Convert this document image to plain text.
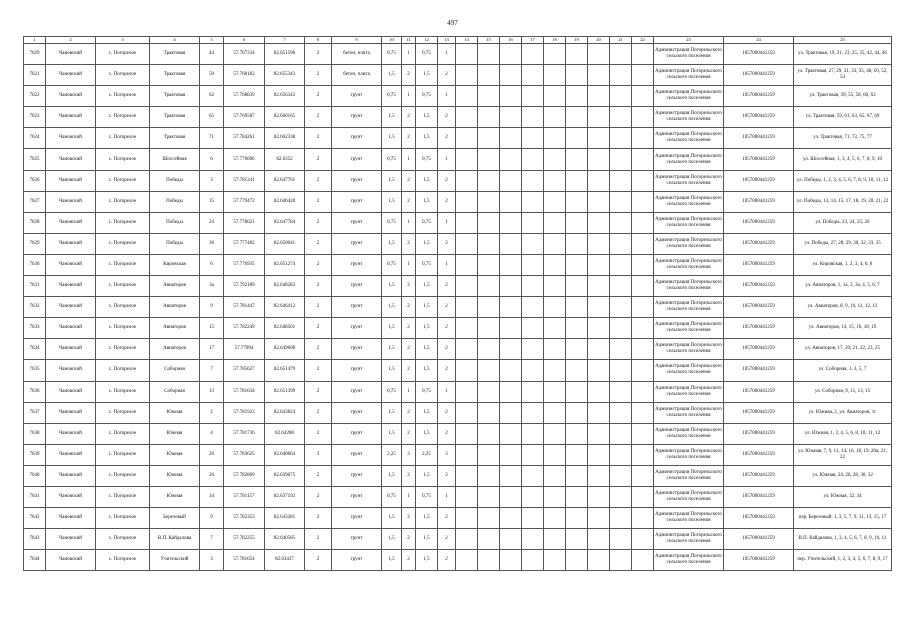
497
1	2	3	4	5	6	7	8	9	10	11	12	13	14	15	16	17	18	19	20	21	22	23	24	25
7629	Чановский	с. Погорелое	Трактовая	44	57.767334	82.651596	2	бетон, плита	0,75	1	0,75	1										Администрация Погорельского сельского поселения	1057000441259	ул. Трактовая, 19, 21, 23, 25, 35, 42, 44, 46
7621	Чановский	с. Погорелое	Трактовая	50	57.768182	82.655343	2	бетон, плита	1,5	2	1,5	2										Администрация Погорельского сельского поселения	1057000441259	ул. Трактовая, 27, 29, 31, 33, 35, 48, 50, 52, 54
7622	Чановский	с. Погорелое	Трактовая	62	57.768839	82.656343	2	грунт	0,75	1	0,75	1										Администрация Погорельского сельского поселения	1057000441259	ул. Трактовая, 39, 55, 58, 60, 62
7623	Чановский	с. Погорелое	Трактовая	65	57.769587	82.660165	2	грунт	1,5	2	1,5	2										Администрация Погорельского сельского поселения	1057000441259	ул. Трактовая, 59, 61, 63, 65, 67, 69
7624	Чановский	с. Погорелое	Трактовая	71	57.784261	82.662338	2	грунт	1,5	2	1,5	2										Администрация Погорельского сельского поселения	1057000441259	ул. Трактовая, 71, 73, 75, 77
7625	Чановский	с. Погорелое	Шоссейная	6	57.776696	82.6352	2	грунт	0,75	1	0,75	1										Администрация Погорельского сельского поселения	1057000441259	ул. Шоссейная, 1, 3, 4, 5, 6, 7, 8, 9, 10
7626	Чановский	с. Погорелое	Победы	3	57.781341	82.647761	2	грунт	1,5	2	1,5	2										Администрация Погорельского сельского поселения	1057000441259	ул. Победы, 1, 2, 3, 4, 5, 6, 7, 8, 9, 10, 11, 12
7627	Чановский	с. Погорелое	Победы	15	57.779472	82.646428	2	грунт	1,5	2	1,5	2										Администрация Погорельского сельского поселения	1057000441259	ул. Победы, 13, 14, 15, 17, 18, 19, 20, 21, 22
7628	Чановский	с. Погорелое	Победы	24	57.778621	82.647784	2	грунт	0,75	1	0,75	1										Администрация Погорельского сельского поселения	1057000441259	ул. Победы, 23, 24, 25, 26
7629	Чановский	с. Погорелое	Победы	30	57.777482	82.650041	2	грунт	1,5	2	1,5	2										Администрация Погорельского сельского поселения	1057000441259	ул. Победы, 27, 28, 29, 30, 32, 33, 35
7630	Чановский	с. Погорелое	Кировская	6	57.776935	82.651274	2	грунт	0,75	1	0,75	1										Администрация Погорельского сельского поселения	1057000441259	ул. Кировская, 1, 2, 3, 4, 6, 8
7631	Чановский	с. Погорелое	Авиаторов	3а	57.792189	82.648283	2	грунт	1,5	2	1,5	2										Администрация Погорельского сельского поселения	1057000441259	ул. Авиаторов, 1, 1а, 3, 3а, 4, 5, 6, 7
7632	Чановский	с. Погорелое	Авиаторов	9	57.781447	82.646412	2	грунт	1,5	2	1,5	2										Администрация Погорельского сельского поселения	1057000441259	ул. Авиаторов, 8, 9, 10, 11, 12, 13
7633	Чановский	с. Погорелое	Авиаторов	15	57.782249	82.648501	2	грунт	1,5	2	1,5	2										Администрация Погорельского сельского поселения	1057000441259	ул. Авиаторов, 14, 15, 16, 18, 19
7634	Чановский	с. Погорелое	Авиаторов	17	57.77994	82.649608	2	грунт	1,5	2	1,5	2										Администрация Погорельского сельского поселения	1057000441259	ул. Авиаторов, 17, 20, 21, 22, 23, 25
7635	Чановский	с. Погорелое	Соборная	7	57.785627	82.651479	2	грунт	1,5	2	1,5	2										Администрация Погорельского сельского поселения	1057000441259	ул. Соборная, 1, 3, 5, 7
7636	Чановский	с. Погорелое	Соборная	13	57.781634	82.651399	2	грунт	0,75	1	0,75	1										Администрация Погорельского сельского поселения	1057000441259	ул. Соборная, 9, 11, 13, 15
7637	Чановский	с. Погорелое	Южная	2	57.781923	82.643824	2	грунт	1,5	2	1,5	2										Администрация Погорельского сельского поселения	1057000441259	ул. Южная, 2, ул. Авиаторов, 1г
7638	Чановский	с. Погорелое	Южная	4	57.781736	82.64288	2	грунт	1,5	2	1,5	2										Администрация Погорельского сельского поселения	1057000441259	ул. Южная, 1, 3, 4, 5, 6, 8, 10, 11, 12
7639	Чановский	с. Погорелое	Южная	20	57.783625	82.640664	3	грунт	2,25	3	2,25	3										Администрация Погорельского сельского поселения	1057000441259	ул. Южная, 7, 9, 11, 14, 16, 18, 19, 20а, 21, 22
7640	Чановский	с. Погорелое	Южная	26	57.782869	82.639675	2	грунт	1,5	2	1,5	2										Администрация Погорельского сельского поселения	1057000441259	ул. Южная, 24, 26, 28, 30, 32
7641	Чановский	с. Погорелое	Южная	34	57.781157	82.637192	2	грунт	0,75	1	0,75	1										Администрация Погорельского сельского поселения	1057000441259	ул. Южная, 32, 34
7642	Чановский	с. Погорелое	Березовый	9	57.782353	82.643281	2	грунт	1,5	2	1,5	2										Администрация Погорельского сельского поселения	1057000441259	пер. Березовый, 1, 3, 5, 7, 9, 11, 13, 15, 17
7643	Чановский	с. Погорелое	В.П. Кайдалова	7	57.782255	82.640585	2	грунт	1,5	2	1,5	2										Администрация Погорельского сельского поселения	1057000441259	В.П. Кайдалова, 1, 3, 4, 5, 6, 7, 8, 9, 10, 11
7644	Чановский	с. Погорелое	Учительский	3	57.781654	82.63437	2	грунт	1,5	2	1,5	2										Администрация Погорельского сельского поселения	1057000441259	пер. Учительский, 1, 2, 3, 4, 5, 6, 7, 8, 9, 17
